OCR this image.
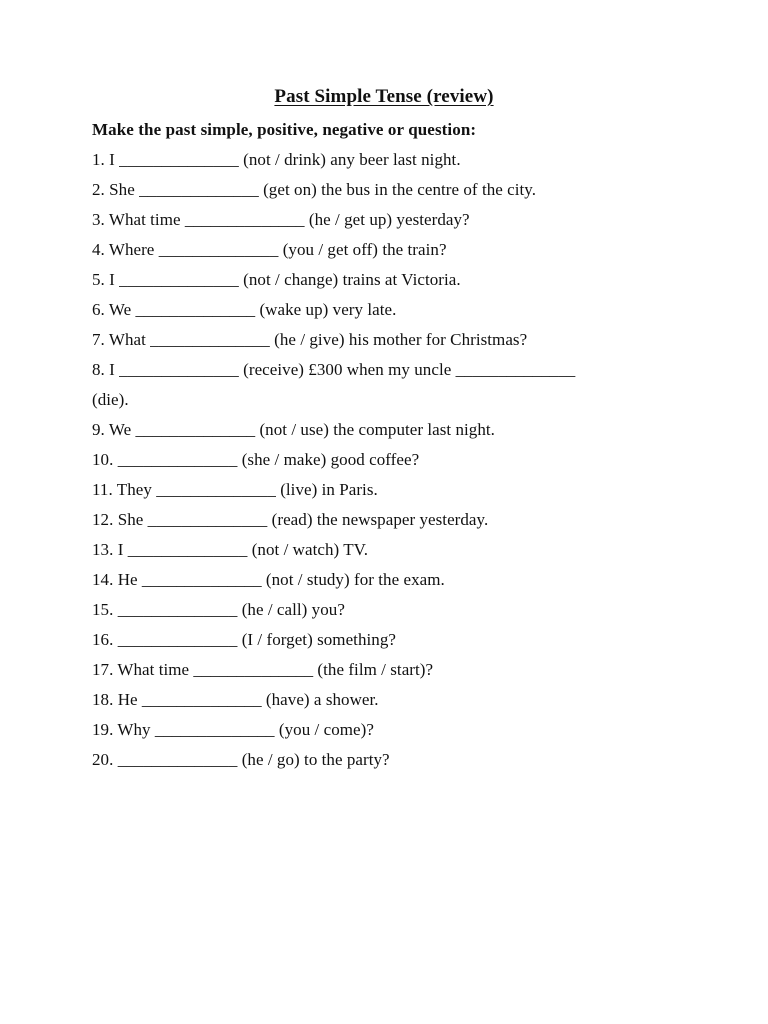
Past Simple Tense (review)
Make the past simple, positive, negative or question:
1. I ______________ (not / drink) any beer last night.
2. She ______________ (get on) the bus in the centre of the city.
3. What time ______________ (he / get up) yesterday?
4. Where ______________ (you / get off) the train?
5. I ______________ (not / change) trains at Victoria.
6. We ______________ (wake up) very late.
7. What ______________ (he / give) his mother for Christmas?
8. I ______________ (receive) £300 when my uncle ______________
(die).
9. We ______________ (not / use) the computer last night.
10. ______________ (she / make) good coffee?
11. They ______________ (live) in Paris.
12. She ______________ (read) the newspaper yesterday.
13. I ______________ (not / watch) TV.
14. He ______________ (not / study) for the exam.
15. ______________ (he / call) you?
16. ______________ (I / forget) something?
17. What time ______________ (the film / start)?
18. He ______________ (have) a shower.
19. Why ______________ (you / come)?
20. ______________ (he / go) to the party?
